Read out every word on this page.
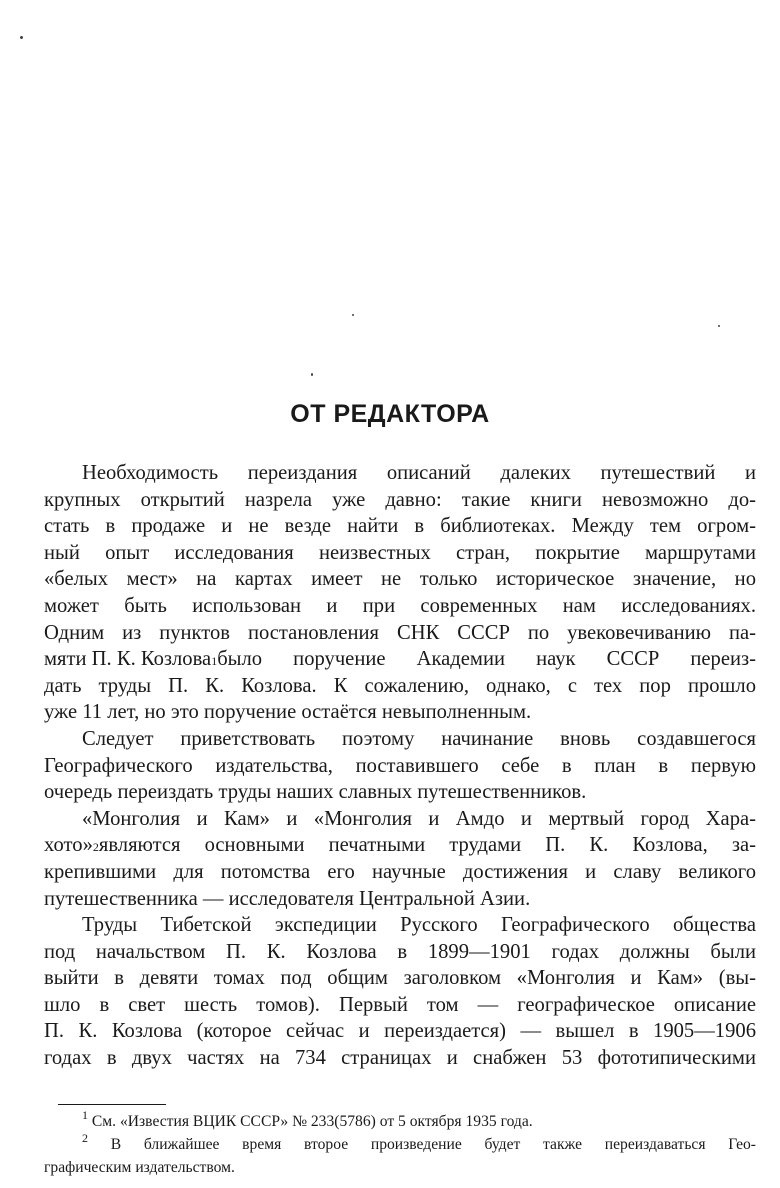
ОТ РЕДАКТОРА
Необходимость переиздания описаний далеких путешествий и
крупных открытий назрела уже давно: такие книги невозможно до-
стать в продаже и не везде найти в библиотеках. Между тем огром-
ный опыт исследования неизвестных стран, покрытие маршрутами
«белых мест» на картах имеет не только историческое значение, но
может быть использован и при современных нам исследованиях.
Одним из пунктов постановления СНК СССР по увековечиванию па-
мяти П. К. Козлова 1 было поручение Академии наук СССР переиз-
дать труды П. К. Козлова. К сожалению, однако, с тех пор прошло
уже 11 лет, но это поручение остаётся невыполненным.
Следует приветствовать поэтому начинание вновь создавшегося
Географического издательства, поставившего себе в план в первую
очередь переиздать труды наших славных путешественников.
«Монголия и Кам» и «Монголия и Амдо и мертвый город Хара-
хото» 2 являются основными печатными трудами П. К. Козлова, за-
крепившими для потомства его научные достижения и славу великого
путешественника — исследователя Центральной Азии.
Труды Тибетской экспедиции Русского Географического общества
под начальством П. К. Козлова в 1899—1901 годах должны были
выйти в девяти томах под общим заголовком «Монголия и Кам» (вы-
шло в свет шесть томов). Первый том — географическое описание
П. К. Козлова (которое сейчас и переиздается) — вышел в 1905—1906
годах в двух частях на 734 страницах и снабжен 53 фототипическими
$^1$ См. «Известия ВЦИК СССР» № 233(5786) от 5 октября 1935 года.
$^2$ В ближайшее время второе произведение будет также переиздаваться Гео-
графическим издательством.
